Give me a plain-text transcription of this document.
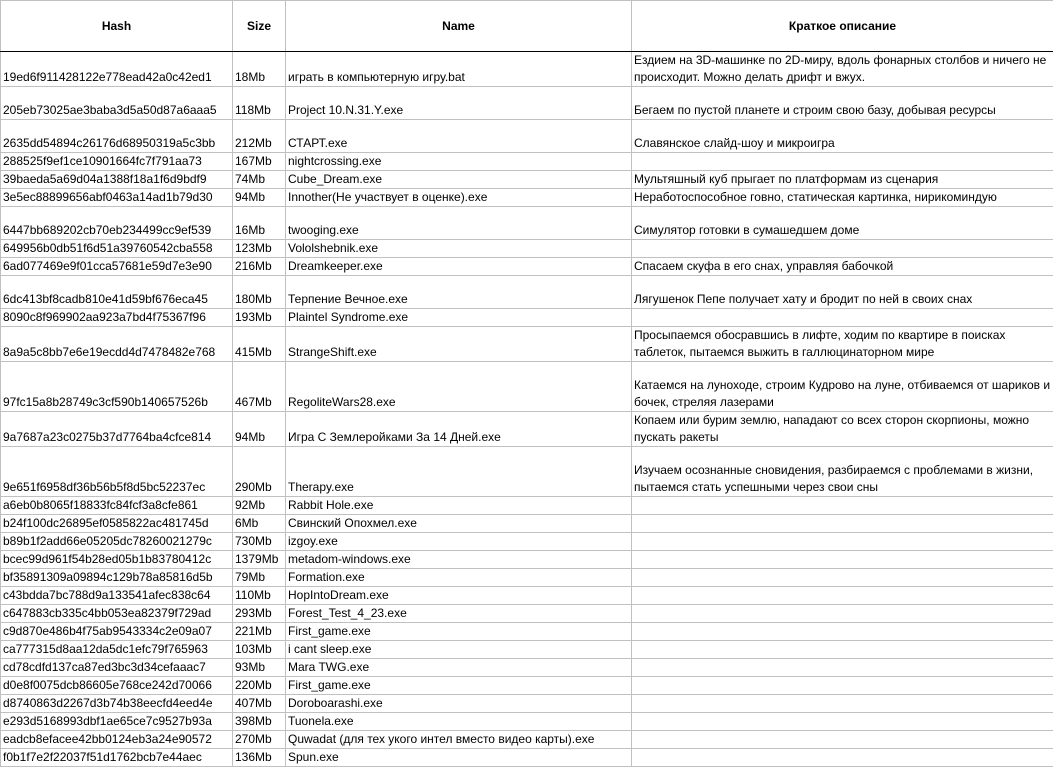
Hash	Size	Name	Краткое описание
19ed6f911428122e778ead42a0c42ed1	18Mb	играть в компьютерную игру.bat	Ездием на 3D-машинке по 2D-миру, вдоль фонарных столбов и ничего не происходит. Можно делать дрифт и вжух.
205eb73025ae3baba3d5a50d87a6aaa5	118Mb	Project 10.N.31.Y.exe	Бегаем по пустой планете и строим свою базу, добывая ресурсы
2635dd54894c26176d68950319a5c3bb	212Mb	СТАРТ.exe	Славянское слайд-шоу и микроигра
288525f9ef1ce10901664fc7f791aa73	167Mb	nightcrossing.exe	
39baeda5a69d04a1388f18a1f6d9bdf9	74Mb	Cube_Dream.exe	Мультяшный куб прыгает по платформам из сценария
3e5ec88899656abf0463a14ad1b79d30	94Mb	Innother(Не участвует в оценке).exe	Неработоспособное говно, статическая картинка, нирикоминдую
6447bb689202cb70eb234499cc9ef539	16Mb	twooging.exe	Симулятор готовки в сумашедшем доме
649956b0db51f6d51a39760542cba558	123Mb	Vololshebnik.exe	
6ad077469e9f01cca57681e59d7e3e90	216Mb	Dreamkeeper.exe	Спасаем скуфа в его снах, управляя бабочкой
6dc413bf8cadb810e41d59bf676eca45	180Mb	Терпение Вечное.exe	Лягушенок Пепе получает хату и бродит по ней в своих снах
8090c8f969902aa923a7bd4f75367f96	193Mb	Plaintel Syndrome.exe	
8a9a5c8bb7e6e19ecdd4d7478482e768	415Mb	StrangeShift.exe	Просыпаемся обосравшись в лифте, ходим по квартире в поисках таблеток, пытаемся выжить в галлюцинаторном мире
97fc15a8b28749c3cf590b140657526b	467Mb	RegoliteWars28.exe	Катаемся на луноходе, строим Кудрово на луне, отбиваемся от шариков и бочек, стреляя лазерами
9a7687a23c0275b37d7764ba4cfce814	94Mb	Игра С Землеройками За 14 Дней.exe	Копаем или бурим землю, нападают со всех сторон скорпионы, можно пускать ракеты
9e651f6958df36b56b5f8d5bc52237ec	290Mb	Therapy.exe	Изучаем осознанные сновидения, разбираемся с проблемами в жизни, пытаемся стать успешными через свои сны
a6eb0b8065f18833fc84fcf3a8cfe861	92Mb	Rabbit Hole.exe	
b24f100dc26895ef0585822ac481745d	6Mb	Свинский Опохмел.exe	
b89b1f2add66e05205dc78260021279c	730Mb	izgoy.exe	
bcec99d961f54b28ed05b1b83780412c	1379Mb	metadom-windows.exe	
bf35891309a09894c129b78a85816d5b	79Mb	Formation.exe	
c43bdda7bc788d9a133541afec838c64	110Mb	HopIntoDream.exe	
c647883cb335c4bb053ea82379f729ad	293Mb	Forest_Test_4_23.exe	
c9d870e486b4f75ab9543334c2e09a07	221Mb	First_game.exe	
ca777315d8aa12da5dc1efc79f765963	103Mb	i cant sleep.exe	
cd78cdfd137ca87ed3bc3d34cefaaac7	93Mb	Mara TWG.exe	
d0e8f0075dcb86605e768ce242d70066	220Mb	First_game.exe	
d8740863d2267d3b74b38eecfd4eed4e	407Mb	Doroboarashi.exe	
e293d5168993dbf1ae65ce7c9527b93a	398Mb	Tuonela.exe	
eadcb8efacee42bb0124eb3a24e90572	270Mb	Quwadat (для тех укого интел вместо видео карты).exe	
f0b1f7e2f22037f51d1762bcb7e44aec	136Mb	Spun.exe	
